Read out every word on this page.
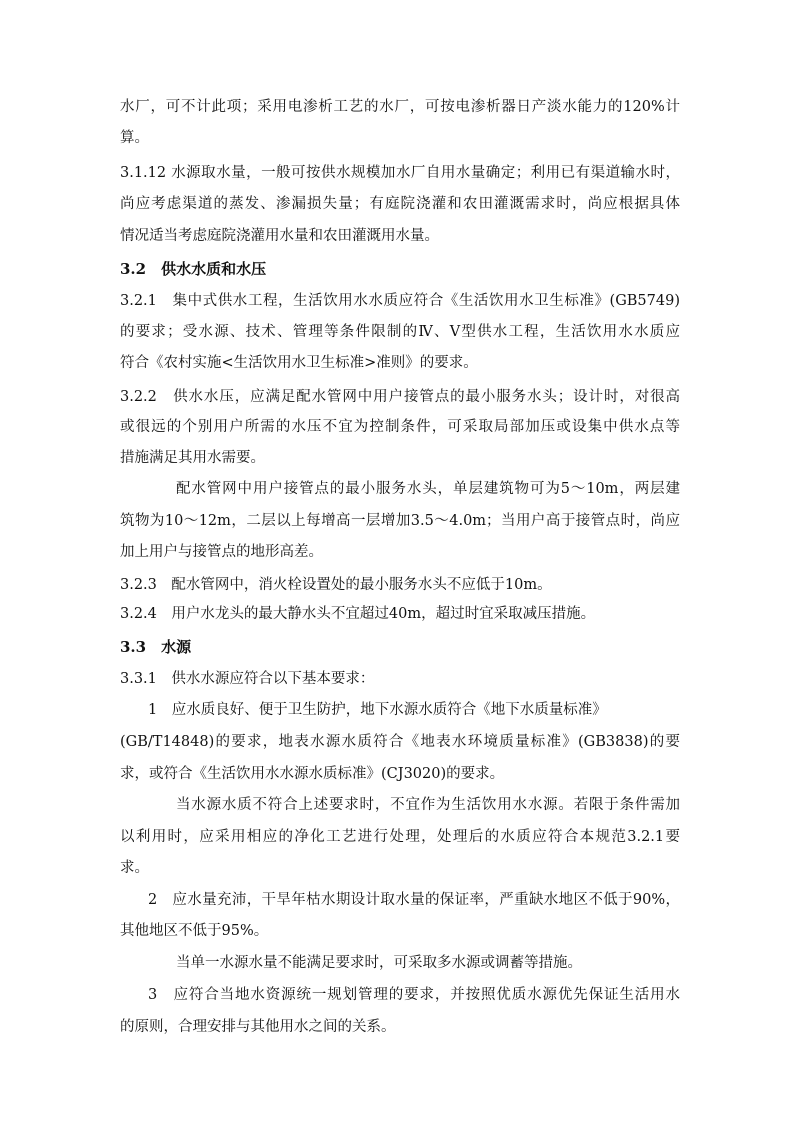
水厂，可不计此项；采用电渗析工艺的水厂，可按电渗析器日产淡水能力的120%计
算。
3.1.12 水源取水量，一般可按供水规模加水厂自用水量确定；利用已有渠道输水时，
尚应考虑渠道的蒸发、渗漏损失量；有庭院浇灌和农田灌溉需求时，尚应根据具体
情况适当考虑庭院浇灌用水量和农田灌溉用水量。
3.2　供水水质和水压
3.2.1　集中式供水工程，生活饮用水水质应符合《生活饮用水卫生标准》(GB5749)
的要求；受水源、技术、管理等条件限制的Ⅳ、Ⅴ型供水工程，生活饮用水水质应
符合《农村实施<生活饮用水卫生标准>准则》的要求。
3.2.2　供水水压，应满足配水管网中用户接管点的最小服务水头；设计时，对很高
或很远的个别用户所需的水压不宜为控制条件，可采取局部加压或设集中供水点等
措施满足其用水需要。
配水管网中用户接管点的最小服务水头，单层建筑物可为5～10m，两层建
筑物为10～12m，二层以上每增高一层增加3.5～4.0m；当用户高于接管点时，尚应
加上用户与接管点的地形高差。
3.2.3　配水管网中，消火栓设置处的最小服务水头不应低于10m。
3.2.4　用户水龙头的最大静水头不宜超过40m，超过时宜采取减压措施。
3.3　水源
3.3.1　供水水源应符合以下基本要求：
1　应水质良好、便于卫生防护，地下水源水质符合《地下水质量标准》
(GB/T14848)的要求，地表水源水质符合《地表水环境质量标准》(GB3838)的要
求，或符合《生活饮用水水源水质标准》(CJ3020)的要求。
当水源水质不符合上述要求时，不宜作为生活饮用水水源。若限于条件需加
以利用时，应采用相应的净化工艺进行处理，处理后的水质应符合本规范3.2.1要
求。
2　应水量充沛，干旱年枯水期设计取水量的保证率，严重缺水地区不低于90%，
其他地区不低于95%。
当单一水源水量不能满足要求时，可采取多水源或调蓄等措施。
3　应符合当地水资源统一规划管理的要求，并按照优质水源优先保证生活用水
的原则，合理安排与其他用水之间的关系。
